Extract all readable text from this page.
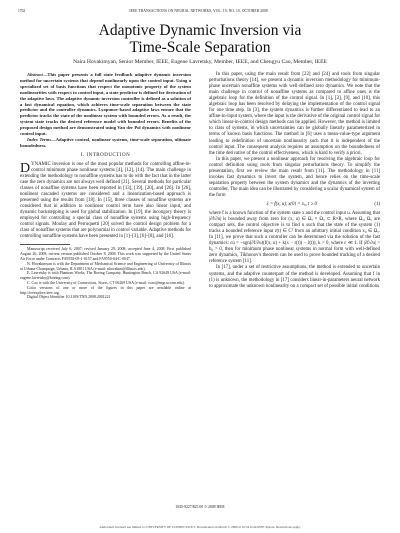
1702	IEEE TRANSACTIONS ON NEURAL NETWORKS, VOL. 19, NO. 10, OCTOBER 2008
Adaptive Dynamic Inversion via
Time-Scale Separation
Naira Hovakimyan, Senior Member, IEEE, Eugene Lavretsky, Member, IEEE, and Chengyu Cao, Member, IEEE

Abstract—This paper presents a full state feedback adaptive dynamic inversion method for uncertain systems that depend nonlinearly upon the control input. Using a specialized set of basis functions that respect the monotonic property of the system nonlinearities with respect to control input, a state predictor is defined for derivation of the adaptive laws. The adaptive dynamic inversion controller is defined as a solution of a fast dynamical equation, which achieves time-scale separation between the state predictor and the controller dynamics. Lyapunov-based adaptive laws ensure that the predictor tracks the state of the nonlinear system with bounded errors. As a result, the system state tracks the desired reference model with bounded errors. Benefits of the proposed design method are demonstrated using Van der Pol dynamics with nonlinear control input.

Index Terms—Adaptive control, nonlinear systems, time-scale separation, ultimate boundedness.

I. INTRODUCTION

DYNAMIC inversion is one of the most popular methods for controlling affine-in-control minimum phase nonlinear systems [4], [12], [14]. The main challenge in extending the methodology to nonaffine systems has to do with the fact that in the latter case the zero dynamics are not always well defined [21]. Several methods for particular classes of nonaffine systems have been reported in [13], [19], [20], and [26]. In [26], nonlinear cascaded systems are considered and a linearization-based approach is presented using the results from [18]. In [15], three classes of nonaffine systems are considered that in addition to nonlinear control term have also linear input, and dynamic backstepping is used for global stabilization. In [19], the incongory theory is employed for controlling a special class of nonaffine systems using high-frequency control signals. Moulay and Perruquetti [20] solved the control design problem for a class of nonaffine systems that are polynomial in control variable. Adaptive methods for controlling nonaffine systems have been presented in [1]–[3], [6]–[8], and [16].

Manuscript received July 6, 2007; revised January 29, 2008; accepted June 4, 2008. First published August 26, 2008; current version published October 8, 2008. This work was supported by the United States Air Force under Contracts FA9550-05-1-0157 and FA9550-04-C-0047.

N. Hovakimyan is with the Department of Mechanical Science and Engineering of University of Illinois at Urbana-Champaign, Urbana, IL 61801 USA (e-mail: nhovakim@illinois.edu).

E. Lavretsky is with Phantom Works, The Boeing Company, Huntington Beach, CA 92649 USA (e-mail: eugene.lavretsky@boeing.com).

C. Cao is with the University of Connecticut, Storrs, CT 06269 USA (e-mail: ccao@engr.uconn.edu).

Color versions of one or more of the figures in this paper are available online at http://ieeexplore.ieee.org.

Digital Object Identifier 10.1109/TNN.2008.2001221

In this paper, using the main result from [22] and [24] and tools from singular perturbations theory [14], we present a dynamic inversion methodology for minimum-phase uncertain nonaffine systems with well-defined zero dynamics. We note that the main challenge in control of nonaffine systems as compared to affine ones is the algebraic loop for the definition of the control signal. In [1], [2], [9], and [10], this algebraic loop has been resolved by delaying the implementation of the control signal for one time step. In [3], the system dynamics is further differentiated to lead to an affine-in-input system, where the input is the derivative of the original control signal for which linear-in-control design methods can be applied. However, the method is limited to class of systems, in which uncertainties can be globally linearly parameterized in terms of known basis functions. The method in [6] uses a mean-value-type argument leading to redefinition of uncertain nonlinearity such that it is independent of the control input. The consequent analysis requires an assumption on the boundedness of the time derivative of the control effectiveness, which is hard to verify a priori.

In this paper, we present a nonlinear approach for resolving the algebraic loop for control definition using tools from singular perturbations theory. To simplify the presentation, first we review the main result from [11]. The methodology in [11] invokes fast dynamics to invert the system, and hence relies on the time-scale separation property between the system dynamics and the dynamics of the inverting controller. The main idea can be illustrated by considering a scalar dynamical system of the form

ẋ = f(x, u), x(0) = x₀, t ≥ 0	(1)

where f is a known function of the system state x and the control input u. Assuming that |∂f/∂u| is bounded away from zero for (x, u) ∈ Ωₓ × Ωᵤ ⊂ R×R, where Ωₓ, Ωᵤ are compact sets, the control objective is to find u such that the state of the system (1) tracks a bounded reference input r(t) ∈ C¹ from an arbitrary initial condition x₀ ∈ Ωₓ. In [11], we prove that such a controller can be determined via the solution of the fast dynamics: εu̇ = −sgn(∂f/∂u)(f(x, u) + k(x − r(t)) − ṙ(t)), k > 0, where ε ≪ 1. If |∂f/∂u| > b₀ > 0, then for minimum phase nonlinear systems in normal form with well-defined zero dynamics, Tikhonov's theorem can be used to prove bounded tracking of a desired reference system [11].

In [17], under a set of restrictive assumptions, the method is extended to uncertain systems, and the adaptive counterpart of the method is developed. Assuming that f in (1) is unknown, the methodology in [17] considers linear-in-parameters neural network to approximate the unknown nonlinearity on a compact set of possible initial conditions

1045-9227/$25.00 © 2008 IEEE
Authorized licensed use limited to: UNIVERSITY OF CONNECTICUT. Downloaded on March 5, 2009 at 10:34 from IEEE Xplore. Restrictions apply.
